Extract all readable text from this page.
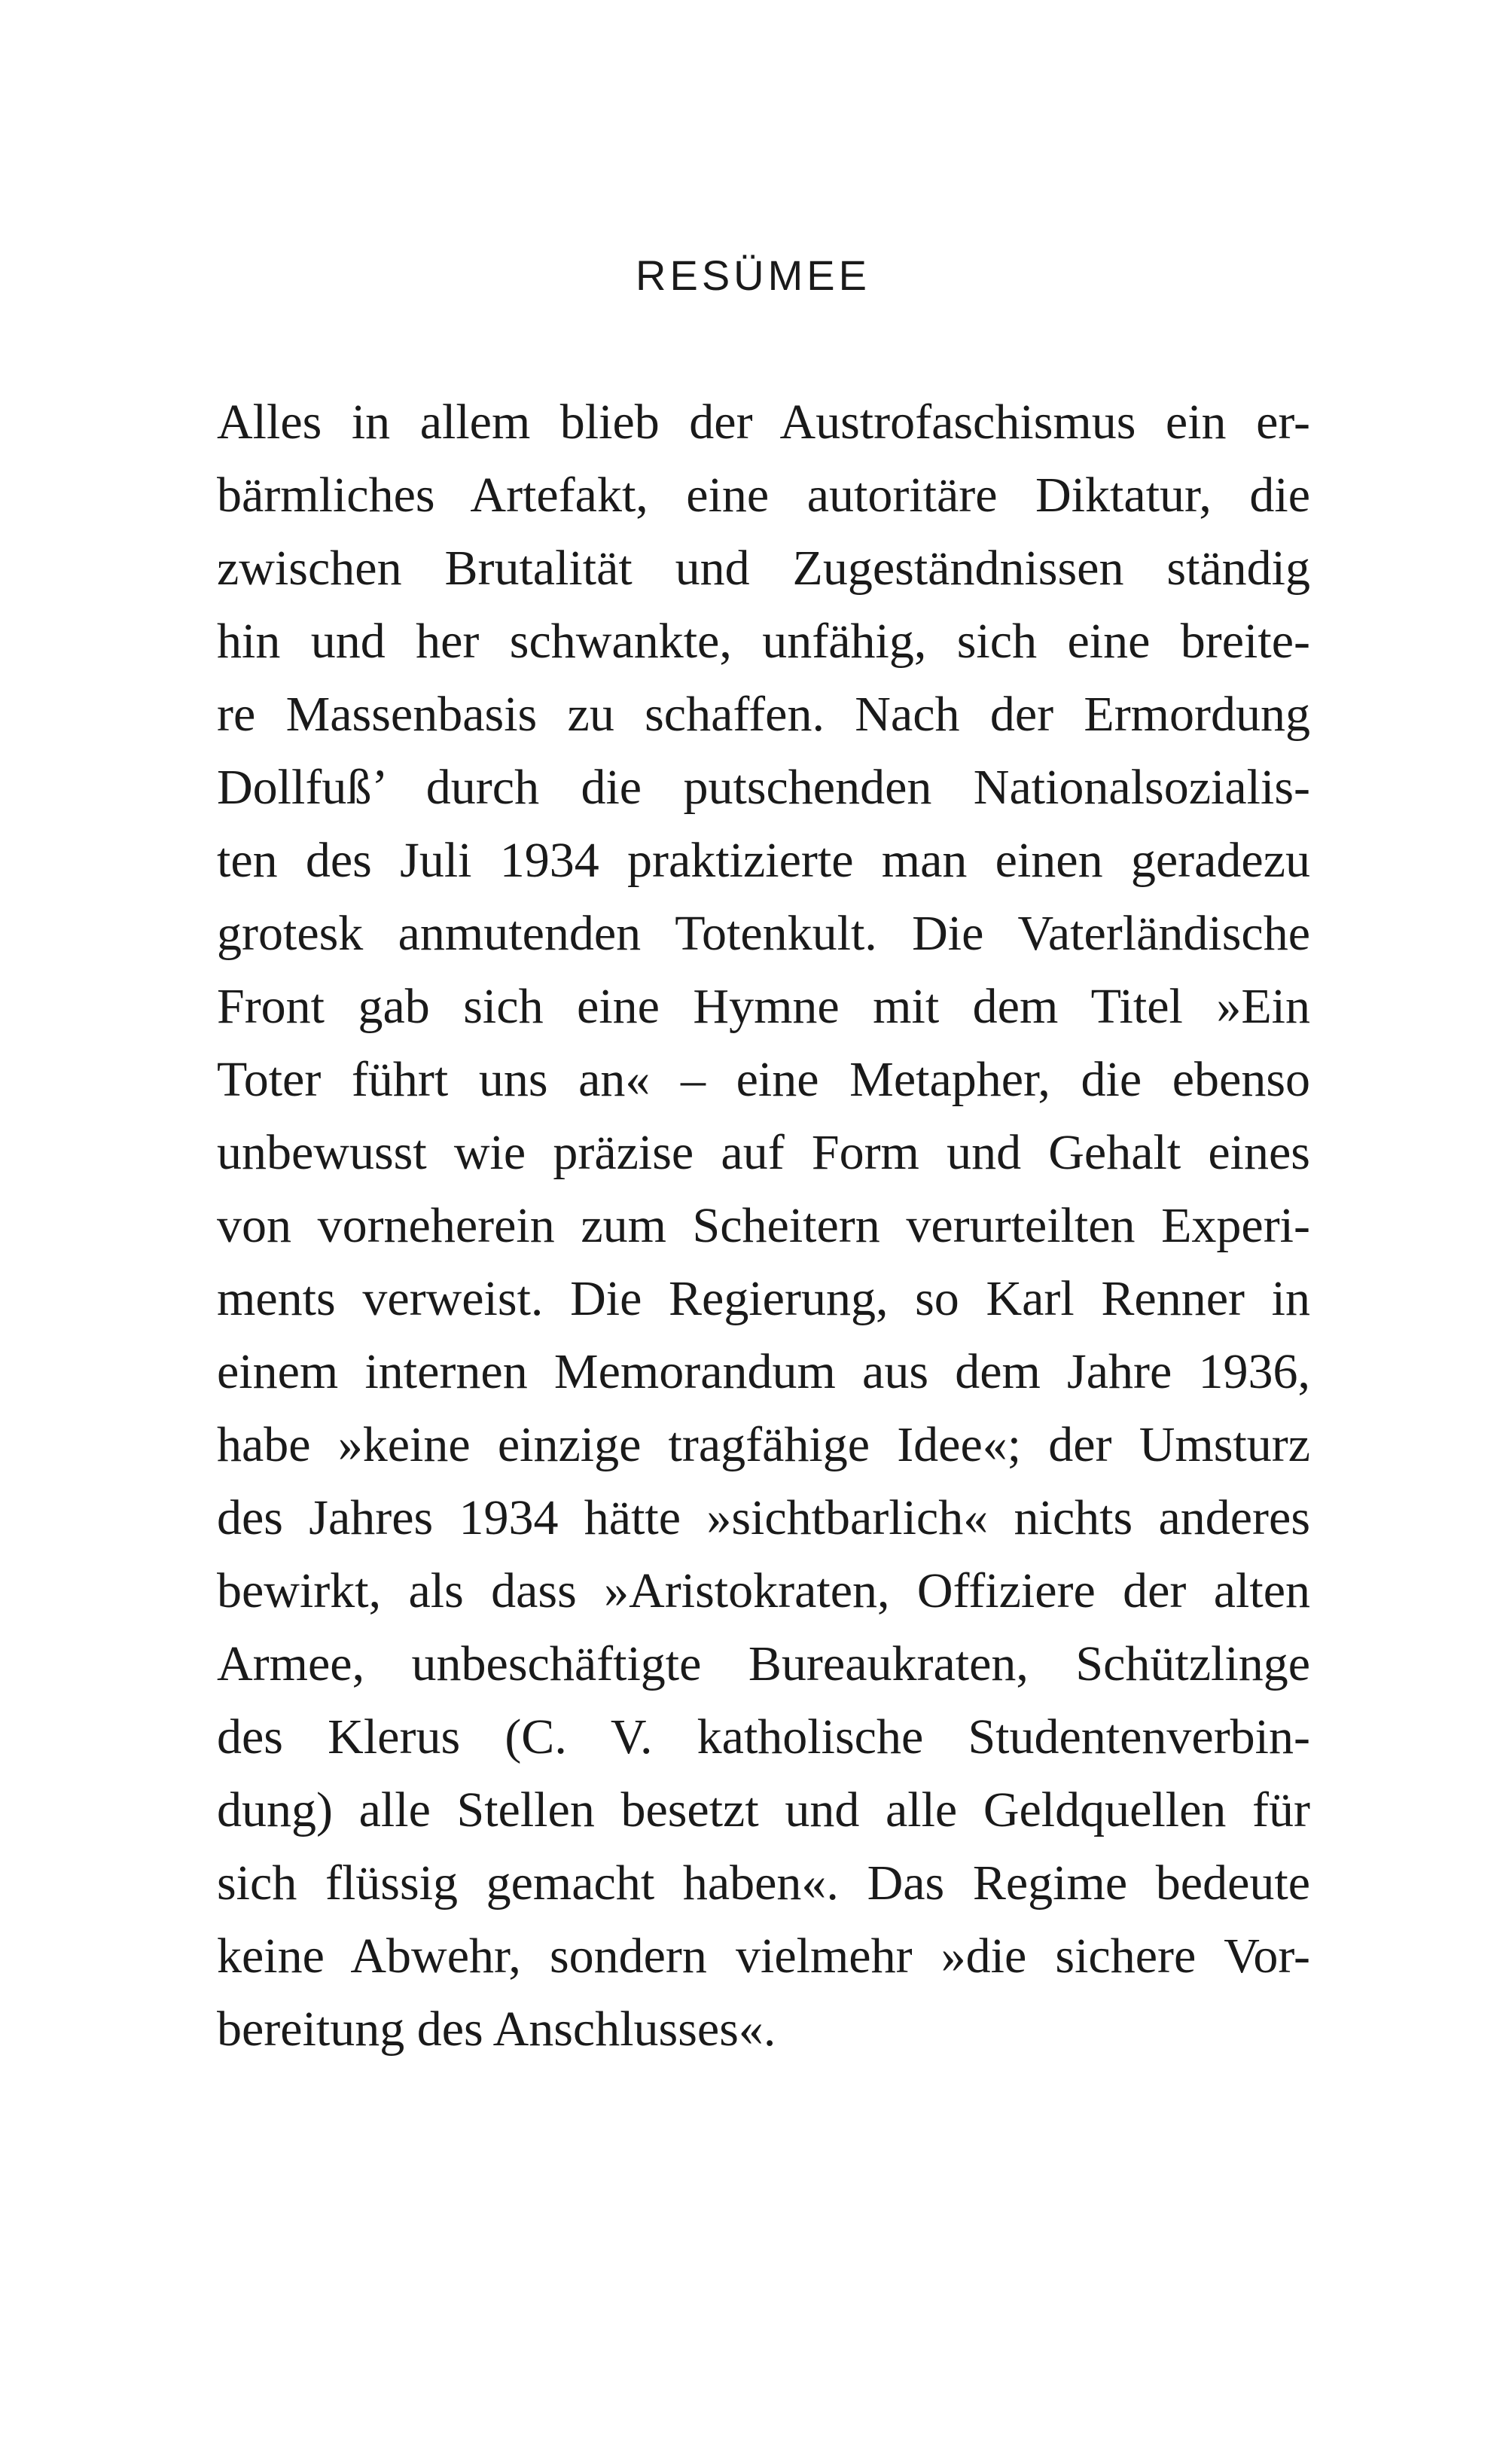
RESÜMEE
Alles in allem blieb der Austrofaschismus ein er-
bärmliches Artefakt, eine autoritäre Diktatur, die
zwischen Brutalität und Zugeständnissen ständig
hin und her schwankte, unfähig, sich eine breite-
re Massenbasis zu schaffen. Nach der Ermordung
Dollfuß’ durch die putschenden Nationalsozialis-
ten des Juli 1934 praktizierte man einen geradezu
grotesk anmutenden Totenkult. Die Vaterländische
Front gab sich eine Hymne mit dem Titel »Ein
Toter führt uns an« – eine Metapher, die ebenso
unbewusst wie präzise auf Form und Gehalt eines
von vorneherein zum Scheitern verurteilten Experi-
ments verweist. Die Regierung, so Karl Renner in
einem internen Memorandum aus dem Jahre 1936,
habe »keine einzige tragfähige Idee«; der Umsturz
des Jahres 1934 hätte »sichtbarlich« nichts anderes
bewirkt, als dass »Aristokraten, Offiziere der alten
Armee, unbeschäftigte Bureaukraten, Schützlinge
des Klerus (C. V. katholische Studentenverbin-
dung) alle Stellen besetzt und alle Geldquellen für
sich flüssig gemacht haben«. Das Regime bedeute
keine Abwehr, sondern vielmehr »die sichere Vor-
bereitung des Anschlusses«.
